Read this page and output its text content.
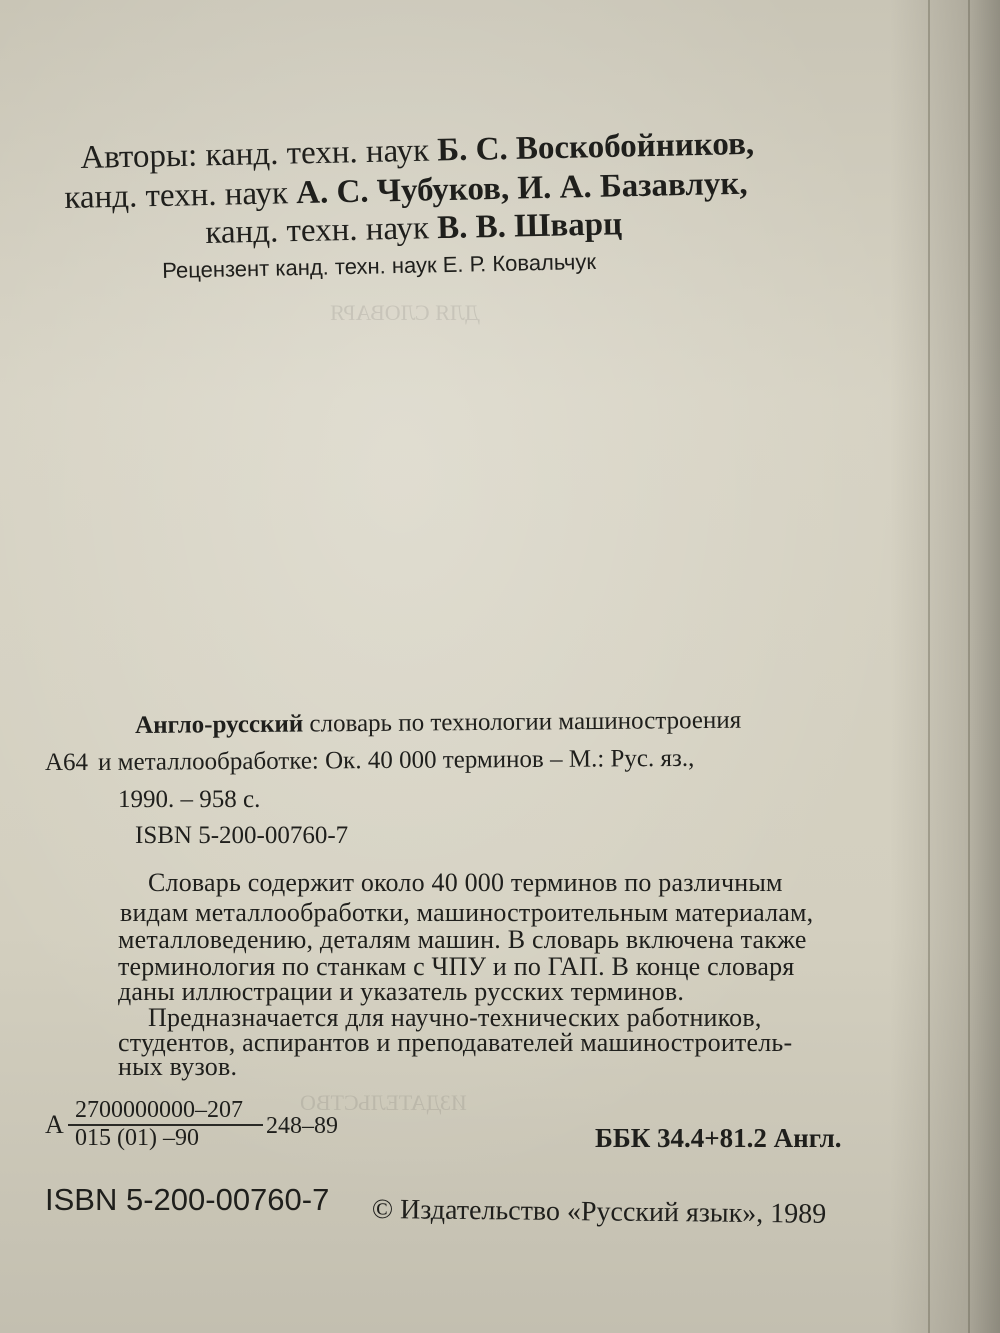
ДЛЯ СЛОВАРЯ
ИЗДАТЕЛЬСТВО
Авторы: канд. техн. наук Б. С. Воскобойников,
канд. техн. наук А. С. Чубуков, И. А. Базавлук,
канд. техн. наук В. В. Шварц
Рецензент канд. техн. наук Е. Р. Ковальчук
Англо-русский словарь по технологии машиностроения
А64 и металлообработке: Ок. 40 000 терминов – М.: Рус. яз.,
1990. – 958 с.
ISBN 5-200-00760-7
Словарь содержит около 40 000 терминов по различным
видам металлообработки, машиностроительным материалам,
металловедению, деталям машин. В словарь включена также
терминология по станкам с ЧПУ и по ГАП. В конце словаря
даны иллюстрации и указатель русских терминов.
Предназначается для научно-технических работников,
студентов, аспирантов и преподавателей машиностроитель-
ных вузов.
А 2700000000–207
015 (01) –90	248–89	ББК 34.4+81.2 Англ.
ISBN 5-200-00760-7 © Издательство «Русский язык», 1989
